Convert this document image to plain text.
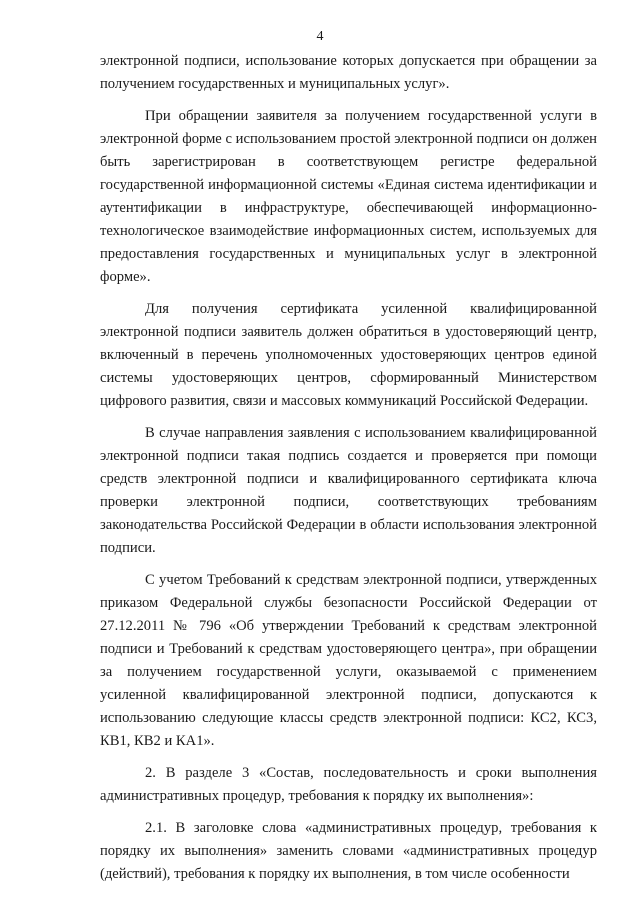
4

электронной подписи, использование которых допускается при обращении за получением государственных и муниципальных услуг».

При обращении заявителя за получением государственной услуги в электронной форме с использованием простой электронной подписи он должен быть зарегистрирован в соответствующем регистре федеральной государственной информационной системы «Единая система идентификации и аутентификации в инфраструктуре, обеспечивающей информационно-технологическое взаимодействие информационных систем, используемых для предоставления государственных и муниципальных услуг в электронной форме».

Для получения сертификата усиленной квалифицированной электронной подписи заявитель должен обратиться в удостоверяющий центр, включенный в перечень уполномоченных удостоверяющих центров единой системы удостоверяющих центров, сформированный Министерством цифрового развития, связи и массовых коммуникаций Российской Федерации.

В случае направления заявления с использованием квалифицированной электронной подписи такая подпись создается и проверяется при помощи средств электронной подписи и квалифицированного сертификата ключа проверки электронной подписи, соответствующих требованиям законодательства Российской Федерации в области использования электронной подписи.

С учетом Требований к средствам электронной подписи, утвержденных приказом Федеральной службы безопасности Российской Федерации от 27.12.2011 № 796 «Об утверждении Требований к средствам электронной подписи и Требований к средствам удостоверяющего центра», при обращении за получением государственной услуги, оказываемой с применением усиленной квалифицированной электронной подписи, допускаются к использованию следующие классы средств электронной подписи: КС2, КС3, КВ1, КВ2 и КА1».

2. В разделе 3 «Состав, последовательность и сроки выполнения административных процедур, требования к порядку их выполнения»:

2.1. В заголовке слова «административных процедур, требования к порядку их выполнения» заменить словами «административных процедур (действий), требования к порядку их выполнения, в том числе особенности
